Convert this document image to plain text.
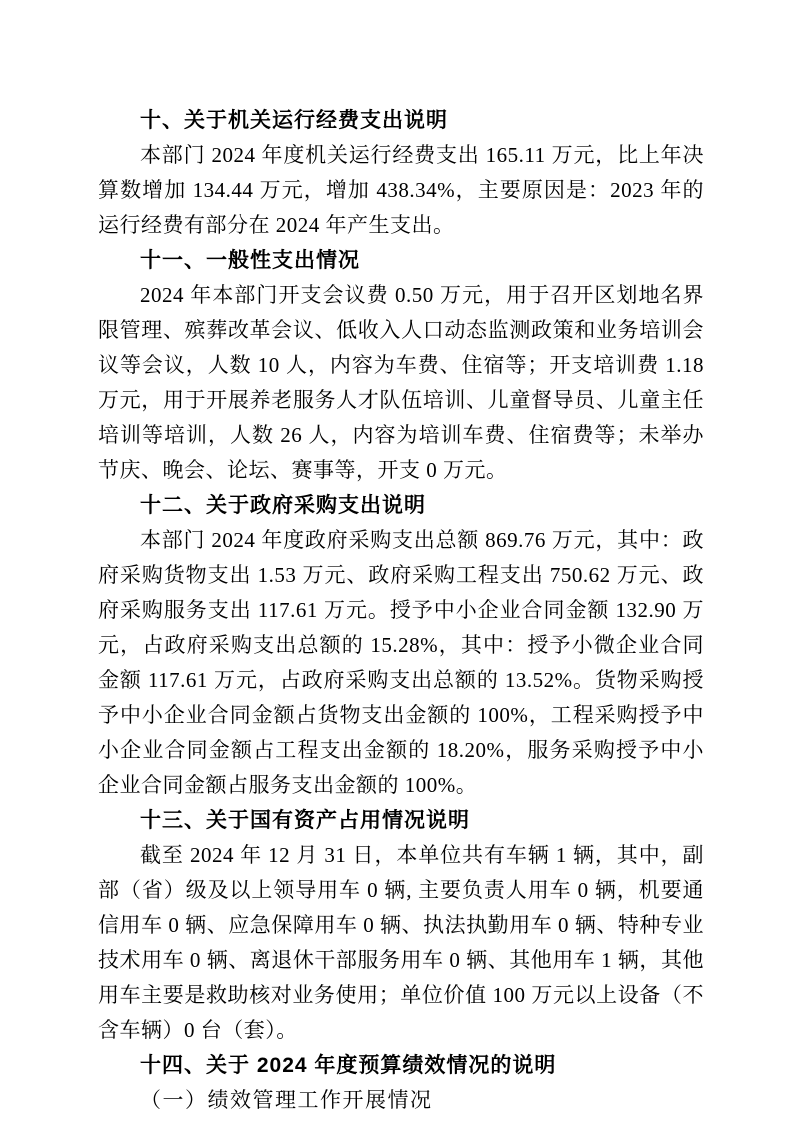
十、关于机关运行经费支出说明
本部门 2024 年度机关运行经费支出 165.11 万元，比上年决算数增加 134.44 万元，增加 438.34%，主要原因是：2023 年的运行经费有部分在 2024 年产生支出。
十一、一般性支出情况
2024 年本部门开支会议费 0.50 万元，用于召开区划地名界限管理、殡葬改革会议、低收入人口动态监测政策和业务培训会议等会议，人数 10 人，内容为车费、住宿等；开支培训费 1.18 万元，用于开展养老服务人才队伍培训、儿童督导员、儿童主任培训等培训，人数 26 人，内容为培训车费、住宿费等；未举办节庆、晚会、论坛、赛事等，开支 0 万元。
十二、关于政府采购支出说明
本部门 2024 年度政府采购支出总额 869.76 万元，其中：政府采购货物支出 1.53 万元、政府采购工程支出 750.62 万元、政府采购服务支出 117.61 万元。授予中小企业合同金额 132.90 万元，占政府采购支出总额的 15.28%，其中：授予小微企业合同金额 117.61 万元，占政府采购支出总额的 13.52%。货物采购授予中小企业合同金额占货物支出金额的 100%，工程采购授予中小企业合同金额占工程支出金额的 18.20%，服务采购授予中小企业合同金额占服务支出金额的 100%。
十三、关于国有资产占用情况说明
截至 2024 年 12 月 31 日，本单位共有车辆 1 辆，其中，副部（省）级及以上领导用车 0 辆, 主要负责人用车 0 辆，机要通信用车 0 辆、应急保障用车 0 辆、执法执勤用车 0 辆、特种专业技术用车 0 辆、离退休干部服务用车 0 辆、其他用车 1 辆，其他用车主要是救助核对业务使用；单位价值 100 万元以上设备（不含车辆）0 台（套）。
十四、关于 2024 年度预算绩效情况的说明
（一）绩效管理工作开展情况
